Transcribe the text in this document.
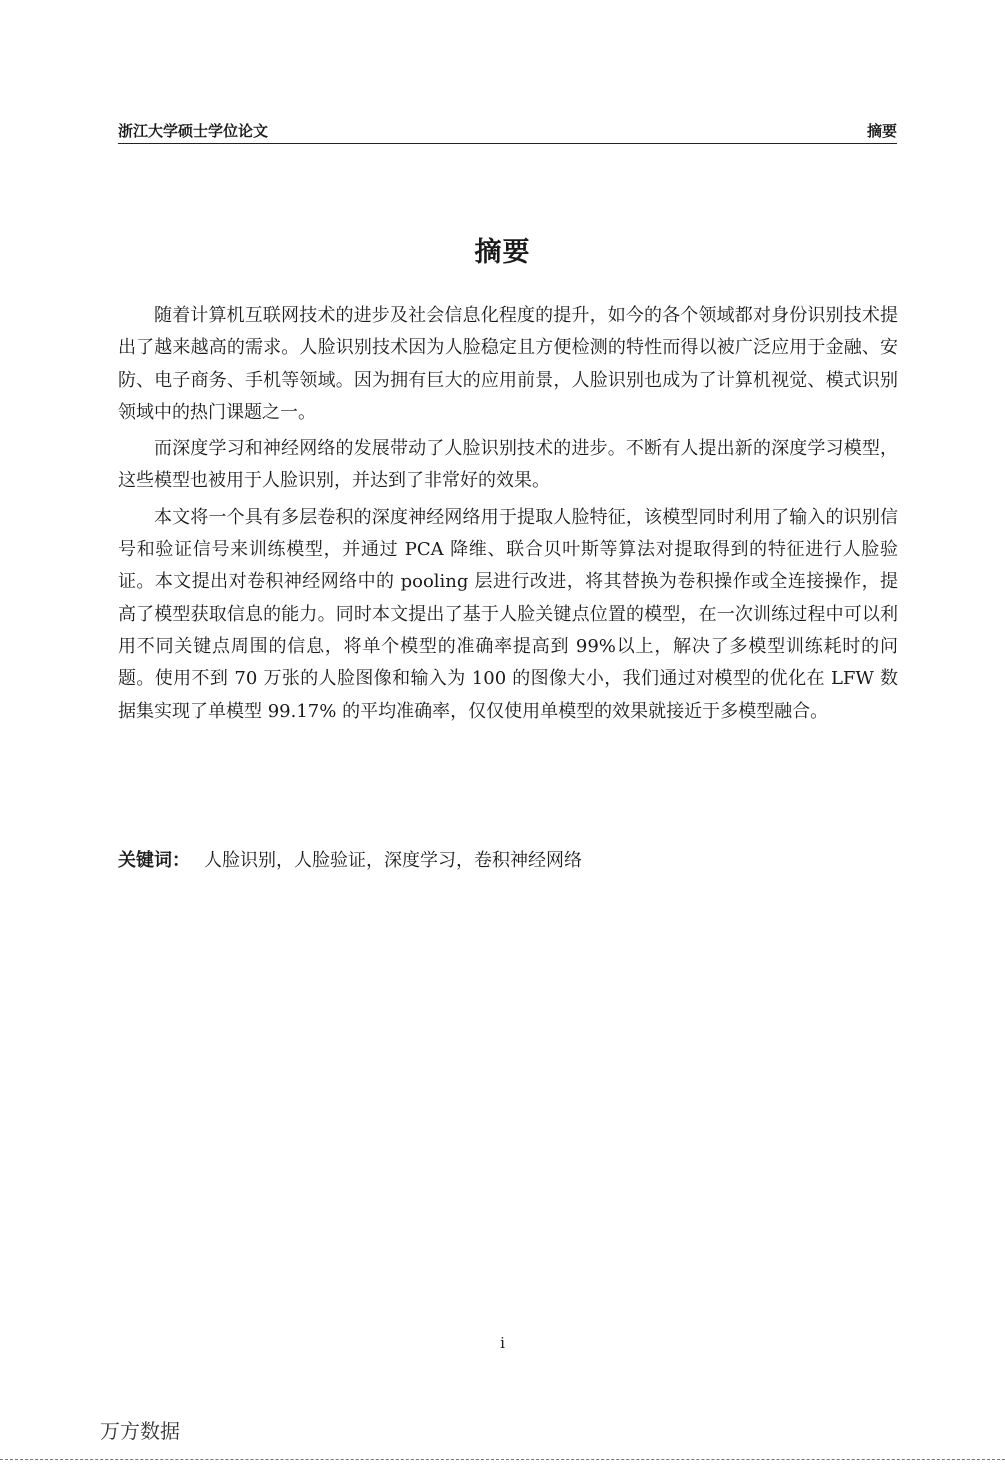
浙江大学硕士学位论文	摘要
摘要

随着计算机互联网技术的进步及社会信息化程度的提升，如今的各个领域都对身份识别技术提出了越来越高的需求。人脸识别技术因为人脸稳定且方便检测的特性而得以被广泛应用于金融、安防、电子商务、手机等领域。因为拥有巨大的应用前景，人脸识别也成为了计算机视觉、模式识别领域中的热门课题之一。

而深度学习和神经网络的发展带动了人脸识别技术的进步。不断有人提出新的深度学习模型，这些模型也被用于人脸识别，并达到了非常好的效果。

本文将一个具有多层卷积的深度神经网络用于提取人脸特征，该模型同时利用了输入的识别信号和验证信号来训练模型，并通过 PCA 降维、联合贝叶斯等算法对提取得到的特征进行人脸验证。本文提出对卷积神经网络中的 pooling 层进行改进，将其替换为卷积操作或全连接操作，提高了模型获取信息的能力。同时本文提出了基于人脸关键点位置的模型，在一次训练过程中可以利用不同关键点周围的信息，将单个模型的准确率提高到 99%以上，解决了多模型训练耗时的问题。使用不到 70 万张的人脸图像和输入为 100 的图像大小，我们通过对模型的优化在 LFW 数据集实现了单模型 99.17% 的平均准确率，仅仅使用单模型的效果就接近于多模型融合。

关键词： 人脸识别，人脸验证，深度学习，卷积神经网络
i
万方数据
